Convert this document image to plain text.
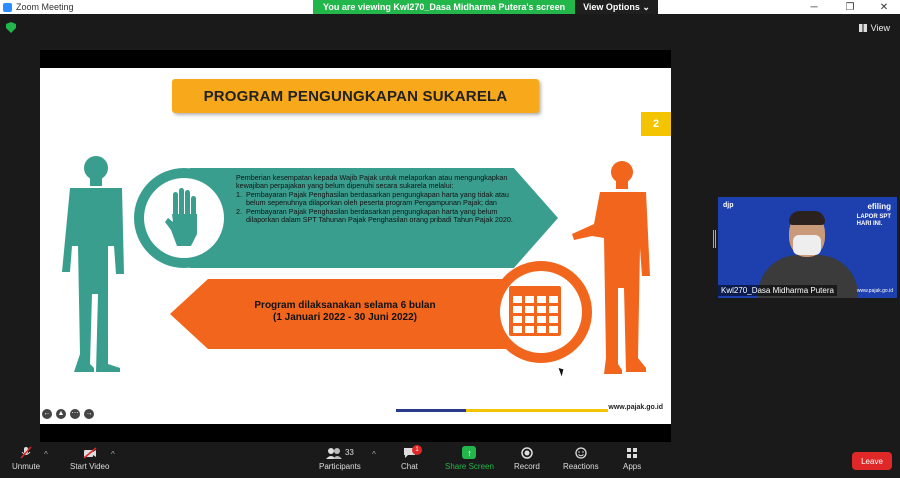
Zoom Meeting	─	❐	✕
You are viewing Kwl270_Dasa Midharma Putera's screen	View Options ⌄
View
PROGRAM PENGUNGKAPAN SUKARELA
2
Pemberian kesempatan kepada Wajib Pajak untuk melaporkan atau mengungkapkan kewajiban perpajakan yang belum dipenuhi secara sukarela melalui:
1. Pembayaran Pajak Penghasilan berdasarkan pengungkapan harta yang tidak atau belum sepenuhnya dilaporkan oleh peserta program Pengampunan Pajak; dan
2. Pembayaran Pajak Penghasilan berdasarkan pengungkapan harta yang belum dilaporkan dalam SPT Tahunan Pajak Penghasilan orang pribadi Tahun Pajak 2020.
Program dilaksanakan selama 6 bulan
(1 Januari 2022 - 30 Juni 2022)
← ▲ ⋯ →
www.pajak.go.id
djp	efiling
LAPOR SPT
HARI INI.
Kwl270_Dasa Midharma Putera	www.pajak.go.id
Unmute
^
Start Video
^	33
Participants
^
Chat
1	↑
Share Screen	Record	Reactions	Apps
Leave
